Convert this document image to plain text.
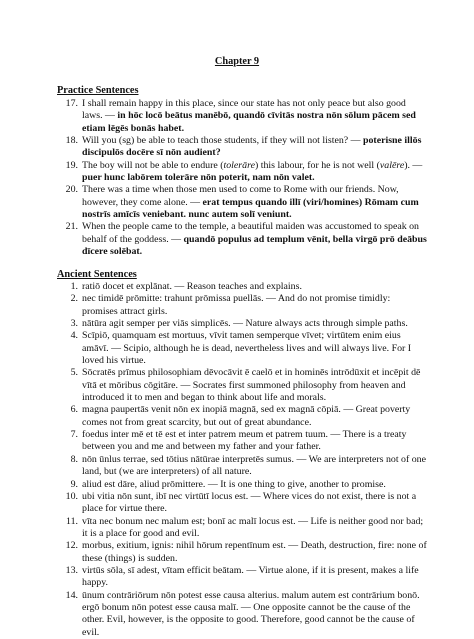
Chapter 9
Practice Sentences
17. I shall remain happy in this place, since our state has not only peace but also good laws. — in hōc locō beātus manēbō, quandō cīvitās nostra nōn sōlum pācem sed etiam lēgēs bonās habet.
18. Will you (sg) be able to teach those students, if they will not listen? — poterisne illōs discipulōs docēre sī nōn audient?
19. The boy will not be able to endure (tolerāre) this labour, for he is not well (valēre). — puer hunc labōrem tolerāre nōn poterit, nam nōn valet.
20. There was a time when those men used to come to Rome with our friends. Now, however, they come alone. — erat tempus quando illī (viri/homines) Rōmam cum nostrīs amīcīs veniebant. nunc autem solī veniunt.
21. When the people came to the temple, a beautiful maiden was accustomed to speak on behalf of the goddess. — quandō populus ad templum vēnit, bella virgō prō deābus dīcere solēbat.
Ancient Sentences
1. ratiō docet et explānat. — Reason teaches and explains.
2. nec timidē prōmitte: trahunt prōmissa puellās. — And do not promise timidly: promises attract girls.
3. nātūra agit semper per viās simplicēs. — Nature always acts through simple paths.
4. Scīpiō, quamquam est mortuus, vīvit tamen semperque vīvet; virtūtem enim eius amāvī. — Scipio, although he is dead, nevertheless lives and will always live. For I loved his virtue.
5. Sōcratēs prīmus philosophiam dēvocāvit ē caelō et in hominēs intrōdūxit et incēpit dē vītā et mōribus cōgitāre. — Socrates first summoned philosophy from heaven and introduced it to men and began to think about life and morals.
6. magna paupertās venit nōn ex inopiā magnā, sed ex magnā cōpiā. — Great poverty comes not from great scarcity, but out of great abundance.
7. foedus inter mē et tē est et inter patrem meum et patrem tuum. — There is a treaty between you and me and between my father and your father.
8. nōn ūnlus terrae, sed tōtius nātūrae interpretēs sumus. — We are interpreters not of one land, but (we are interpreters) of all nature.
9. aliud est dāre, aliud prōmittere. — It is one thing to give, another to promise.
10. ubi vitia nōn sunt, ibī nec virtūtī locus est. — Where vices do not exist, there is not a place for virtue there.
11. vīta nec bonum nec malum est; bonī ac malī locus est. — Life is neither good nor bad; it is a place for good and evil.
12. morbus, exitium, ignis: nihil hōrum repentīnum est. — Death, destruction, fire: none of these (things) is sudden.
13. virtūs sōla, sī adest, vītam efficit beātam. — Virtue alone, if it is present, makes a life happy.
14. ūnum contrāriōrum nōn potest esse causa alterius. malum autem est contrārium bonō. ergō bonum nōn potest esse causa malī. — One opposite cannot be the cause of the other. Evil, however, is the opposite to good. Therefore, good cannot be the cause of evil.
